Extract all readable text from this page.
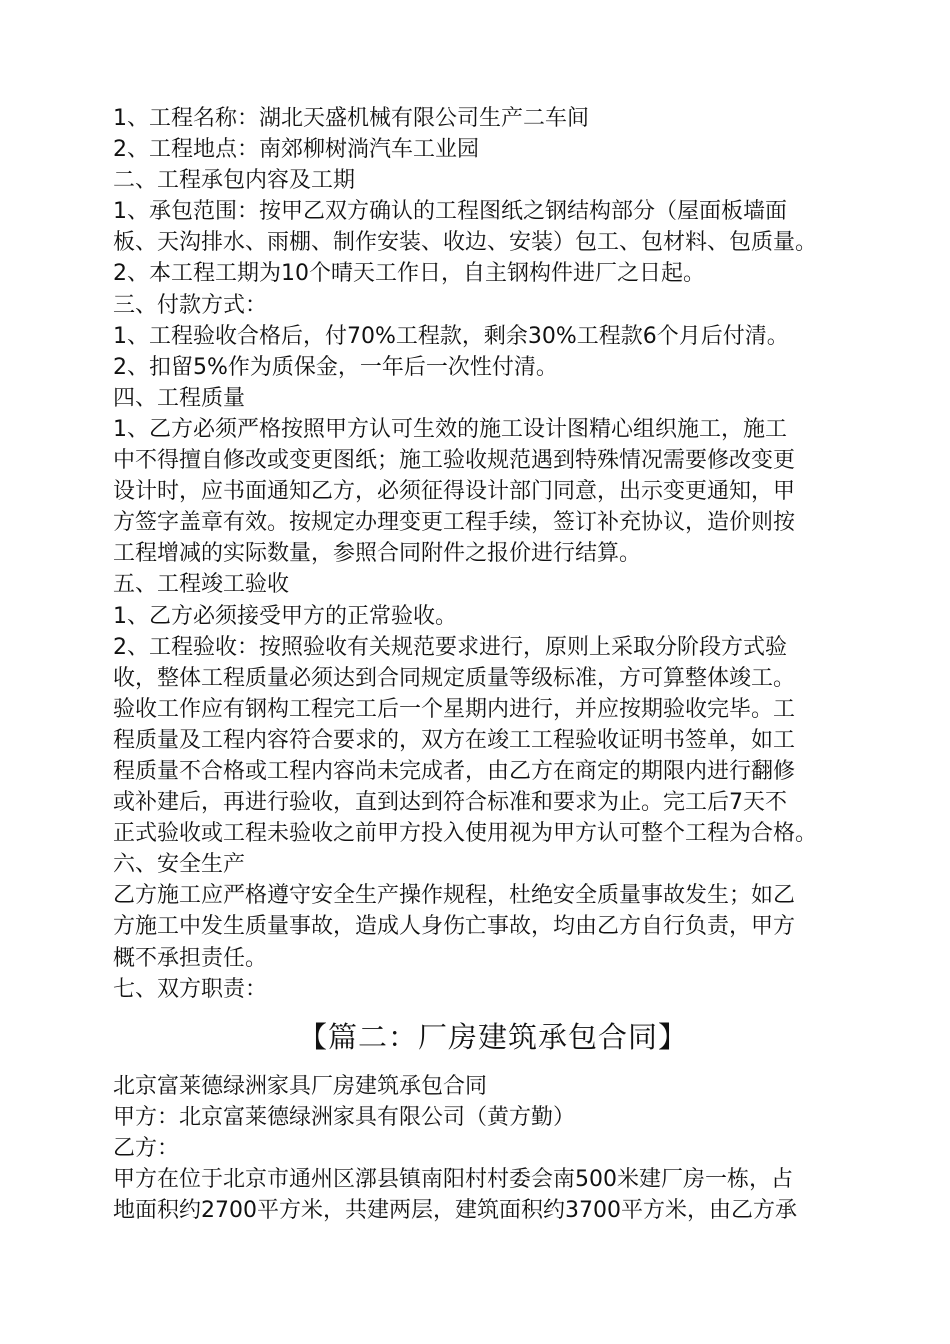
1、工程名称：湖北天盛机械有限公司生产二车间
2、工程地点：南郊柳树淌汽车工业园
二、工程承包内容及工期
1、承包范围：按甲乙双方确认的工程图纸之钢结构部分（屋面板墙面
板、天沟排水、雨棚、制作安装、收边、安装）包工、包材料、包质量。
2、本工程工期为10个晴天工作日，自主钢构件进厂之日起。
三、付款方式：
1、工程验收合格后，付70%工程款，剩余30%工程款6个月后付清。
2、扣留5%作为质保金，一年后一次性付清。
四、工程质量
1、乙方必须严格按照甲方认可生效的施工设计图精心组织施工，施工
中不得擅自修改或变更图纸；施工验收规范遇到特殊情况需要修改变更
设计时，应书面通知乙方，必须征得设计部门同意，出示变更通知，甲
方签字盖章有效。按规定办理变更工程手续，签订补充协议，造价则按
工程增减的实际数量，参照合同附件之报价进行结算。
五、工程竣工验收
1、乙方必须接受甲方的正常验收。
2、工程验收：按照验收有关规范要求进行，原则上采取分阶段方式验
收，整体工程质量必须达到合同规定质量等级标准，方可算整体竣工。
验收工作应有钢构工程完工后一个星期内进行，并应按期验收完毕。工
程质量及工程内容符合要求的，双方在竣工工程验收证明书签单，如工
程质量不合格或工程内容尚未完成者，由乙方在商定的期限内进行翻修
或补建后，再进行验收，直到达到符合标准和要求为止。完工后7天不
正式验收或工程未验收之前甲方投入使用视为甲方认可整个工程为合格。
六、安全生产
乙方施工应严格遵守安全生产操作规程，杜绝安全质量事故发生；如乙
方施工中发生质量事故，造成人身伤亡事故，均由乙方自行负责，甲方
概不承担责任。
七、双方职责：
【篇二：厂房建筑承包合同】
北京富莱德绿洲家具厂房建筑承包合同
甲方：北京富莱德绿洲家具有限公司（黄方勤）
乙方：
甲方在位于北京市通州区漷县镇南阳村村委会南500米建厂房一栋，占
地面积约2700平方米，共建两层，建筑面积约3700平方米，由乙方承
